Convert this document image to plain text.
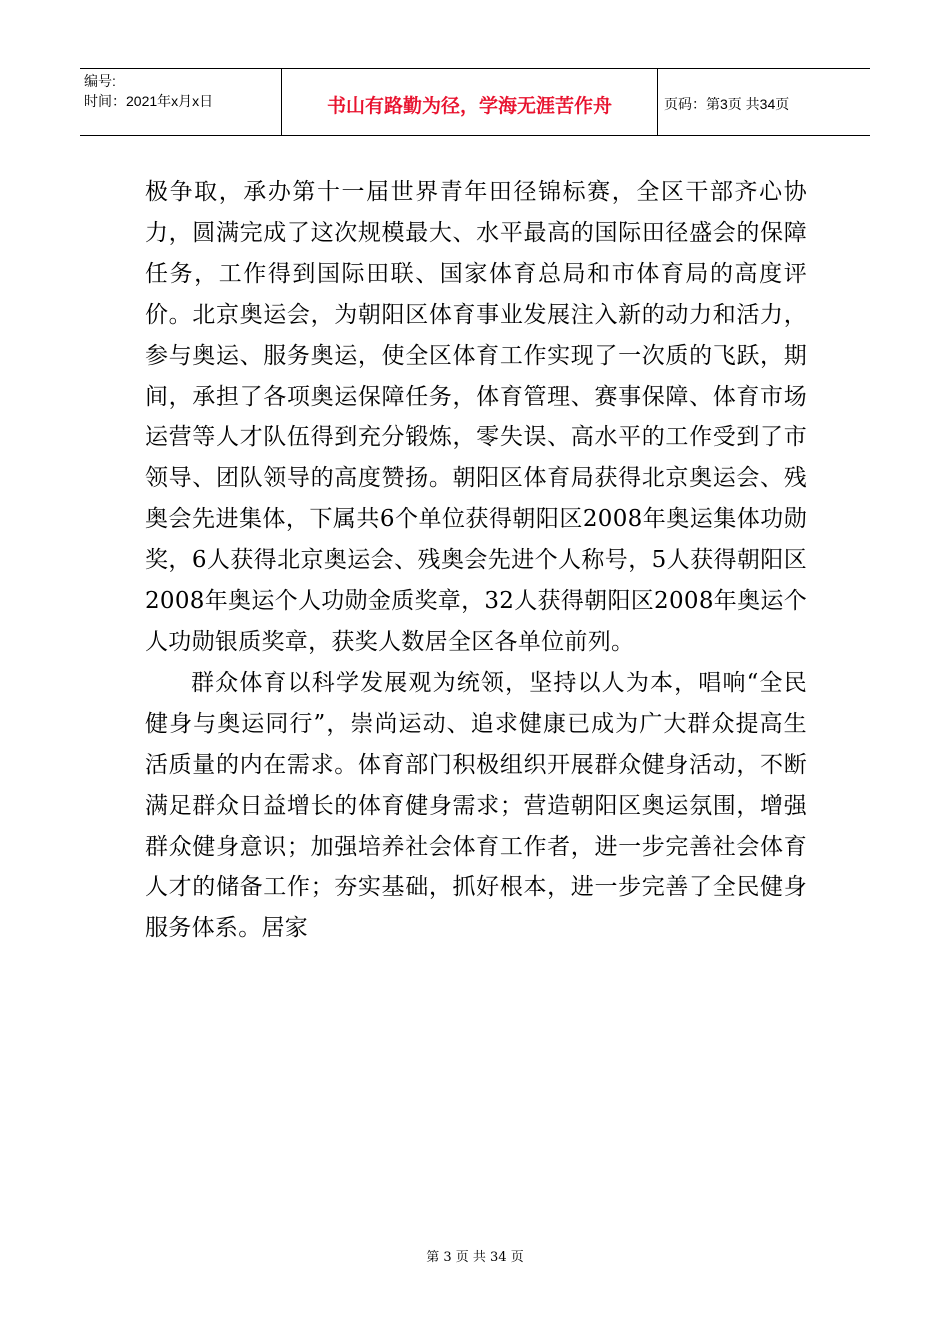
编号:
时间：2021年x月x日	书山有路勤为径，学海无涯苦作舟	页码：第3页 共34页

极争取，承办第十一届世界青年田径锦标赛，全区干部齐心协力，圆满完成了这次规模最大、水平最高的国际田径盛会的保障任务，工作得到国际田联、国家体育总局和市体育局的高度评价。北京奥运会，为朝阳区体育事业发展注入新的动力和活力，参与奥运、服务奥运，使全区体育工作实现了一次质的飞跃，期间，承担了各项奥运保障任务，体育管理、赛事保障、体育市场运营等人才队伍得到充分锻炼，零失误、高水平的工作受到了市领导、团队领导的高度赞扬。朝阳区体育局获得北京奥运会、残奥会先进集体，下属共6个单位获得朝阳区2008年奥运集体功勋奖，6人获得北京奥运会、残奥会先进个人称号，5人获得朝阳区2008年奥运个人功勋金质奖章，32人获得朝阳区2008年奥运个人功勋银质奖章，获奖人数居全区各单位前列。

群众体育以科学发展观为统领，坚持以人为本，唱响“全民健身与奥运同行”，崇尚运动、追求健康已成为广大群众提高生活质量的内在需求。体育部门积极组织开展群众健身活动，不断满足群众日益增长的体育健身需求；营造朝阳区奥运氛围，增强群众健身意识；加强培养社会体育工作者，进一步完善社会体育人才的储备工作；夯实基础，抓好根本，进一步完善了全民健身服务体系。居家

第 3 页 共 34 页
